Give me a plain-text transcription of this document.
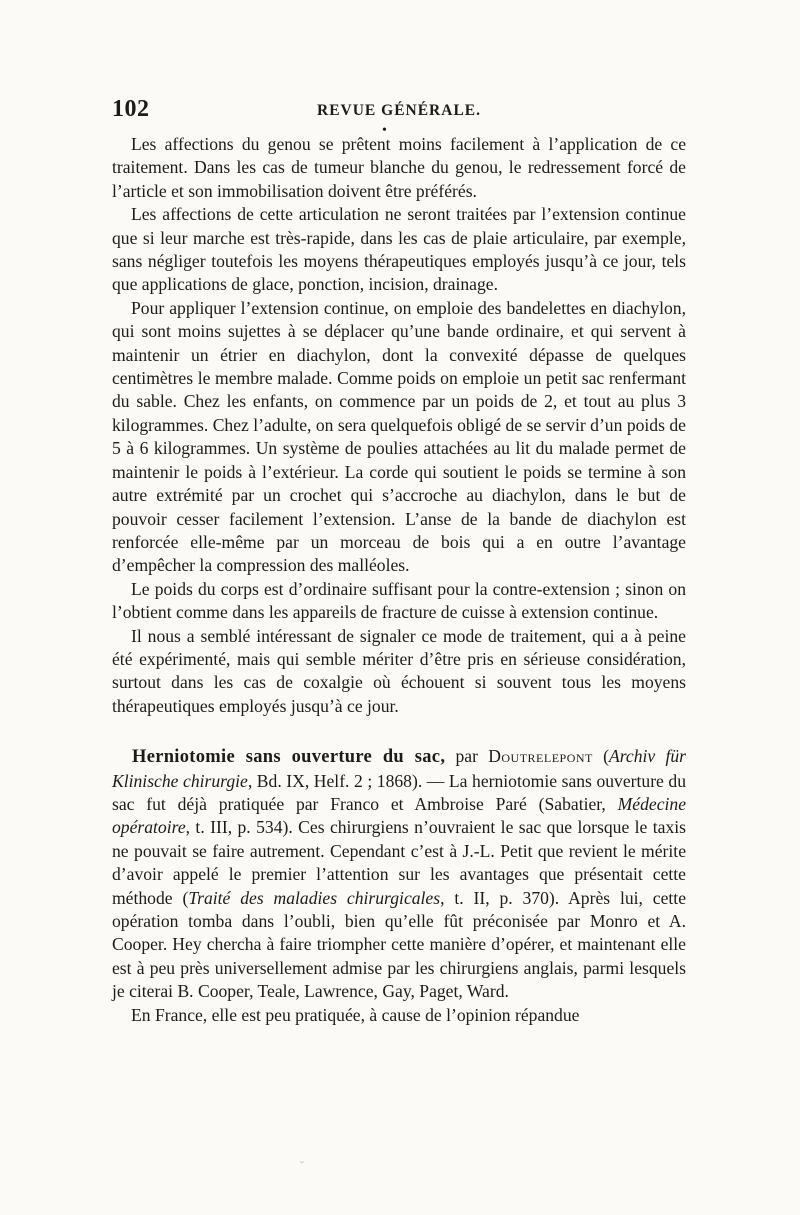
102	REVUE GÉNÉRALE.
•

Les affections du genou se prêtent moins facilement à l’application de ce traitement. Dans les cas de tumeur blanche du genou, le redressement forcé de l’article et son immobilisation doivent être préférés.

Les affections de cette articulation ne seront traitées par l’extension continue que si leur marche est très-rapide, dans les cas de plaie articulaire, par exemple, sans négliger toutefois les moyens thérapeutiques employés jusqu’à ce jour, tels que applications de glace, ponction, incision, drainage.

Pour appliquer l’extension continue, on emploie des bandelettes en diachylon, qui sont moins sujettes à se déplacer qu’une bande ordinaire, et qui servent à maintenir un étrier en diachylon, dont la convexité dépasse de quelques centimètres le membre malade. Comme poids on emploie un petit sac renfermant du sable. Chez les enfants, on commence par un poids de 2, et tout au plus 3 kilogrammes. Chez l’adulte, on sera quelquefois obligé de se servir d’un poids de 5 à 6 kilogrammes. Un système de poulies attachées au lit du malade permet de maintenir le poids à l’extérieur. La corde qui soutient le poids se termine à son autre extrémité par un crochet qui s’accroche au diachylon, dans le but de pouvoir cesser facilement l’extension. L’anse de la bande de diachylon est renforcée elle-même par un morceau de bois qui a en outre l’avantage d’empêcher la compression des malléoles.

Le poids du corps est d’ordinaire suffisant pour la contre-extension ; sinon on l’obtient comme dans les appareils de fracture de cuisse à extension continue.

Il nous a semblé intéressant de signaler ce mode de traitement, qui a à peine été expérimenté, mais qui semble mériter d’être pris en sérieuse considération, surtout dans les cas de coxalgie où échouent si souvent tous les moyens thérapeutiques employés jusqu’à ce jour.

Herniotomie sans ouverture du sac, par Doutrelepont (Archiv für Klinische chirurgie, Bd. IX, Helf. 2 ; 1868). — La herniotomie sans ouverture du sac fut déjà pratiquée par Franco et Ambroise Paré (Sabatier, Médecine opératoire, t. III, p. 534). Ces chirurgiens n’ouvraient le sac que lorsque le taxis ne pouvait se faire autrement. Cependant c’est à J.-L. Petit que revient le mérite d’avoir appelé le premier l’attention sur les avantages que présentait cette méthode (Traité des maladies chirurgicales, t. II, p. 370). Après lui, cette opération tomba dans l’oubli, bien qu’elle fût préconisée par Monro et A. Cooper. Hey chercha à faire triompher cette manière d’opérer, et maintenant elle est à peu près universellement admise par les chirurgiens anglais, parmi lesquels je citerai B. Cooper, Teale, Lawrence, Gay, Paget, Ward.

En France, elle est peu pratiquée, à cause de l’opinion répandue

ʷ
